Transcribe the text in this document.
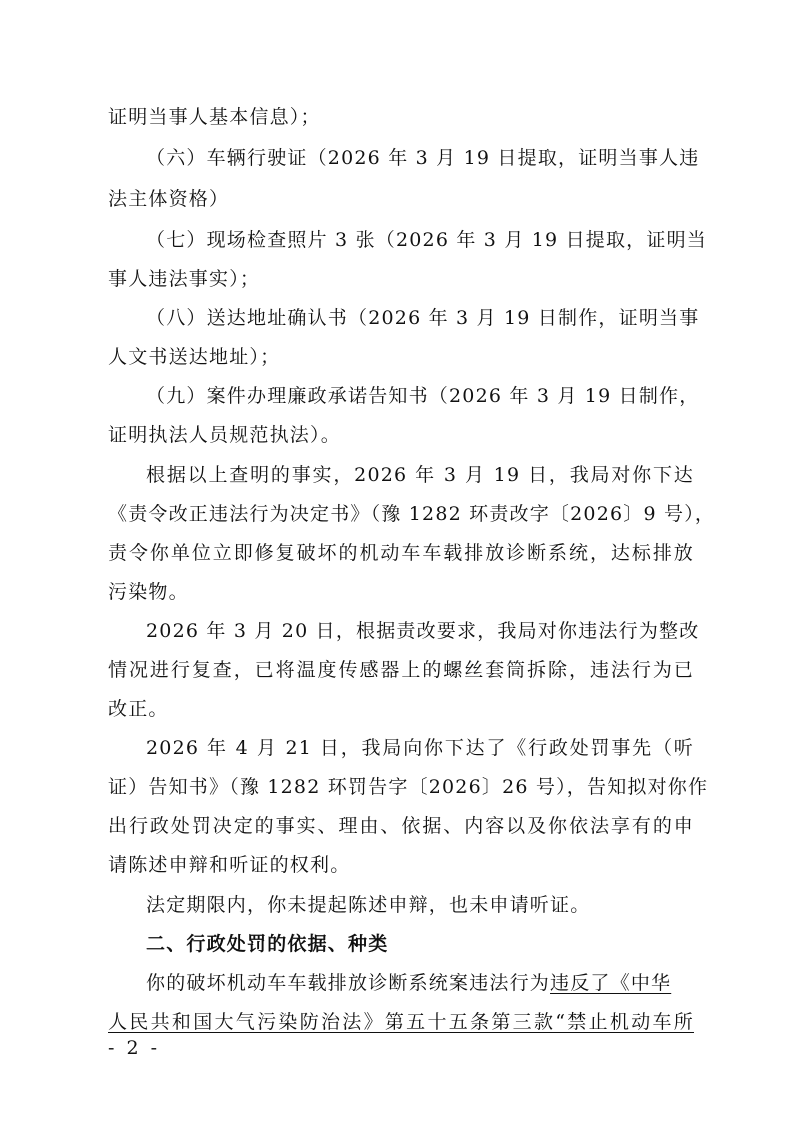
证明当事人基本信息）；
（六）车辆行驶证（2026 年 3 月 19 日提取，证明当事人违
法主体资格）
（七）现场检查照片 3 张（2026 年 3 月 19 日提取，证明当
事人违法事实）；
（八）送达地址确认书（2026 年 3 月 19 日制作，证明当事
人文书送达地址）；
（九）案件办理廉政承诺告知书（2026 年 3 月 19 日制作，
证明执法人员规范执法）。
根据以上查明的事实，2026 年 3 月 19 日，我局对你下达
《责令改正违法行为决定书》（豫 1282 环责改字〔2026〕9 号），
责令你单位立即修复破坏的机动车车载排放诊断系统，达标排放
污染物。
2026 年 3 月 20 日，根据责改要求，我局对你违法行为整改
情况进行复查，已将温度传感器上的螺丝套筒拆除，违法行为已
改正。
2026 年 4 月 21 日，我局向你下达了《行政处罚事先（听
证）告知书》（豫 1282 环罚告字〔2026〕26 号），告知拟对你作
出行政处罚决定的事实、理由、依据、内容以及你依法享有的申
请陈述申辩和听证的权利。
法定期限内，你未提起陈述申辩，也未申请听证。
二、行政处罚的依据、种类
你的破坏机动车车载排放诊断系统案违法行为违反了《中华
人民共和国大气污染防治法》第五十五条第三款“禁止机动车所
- 2 -
